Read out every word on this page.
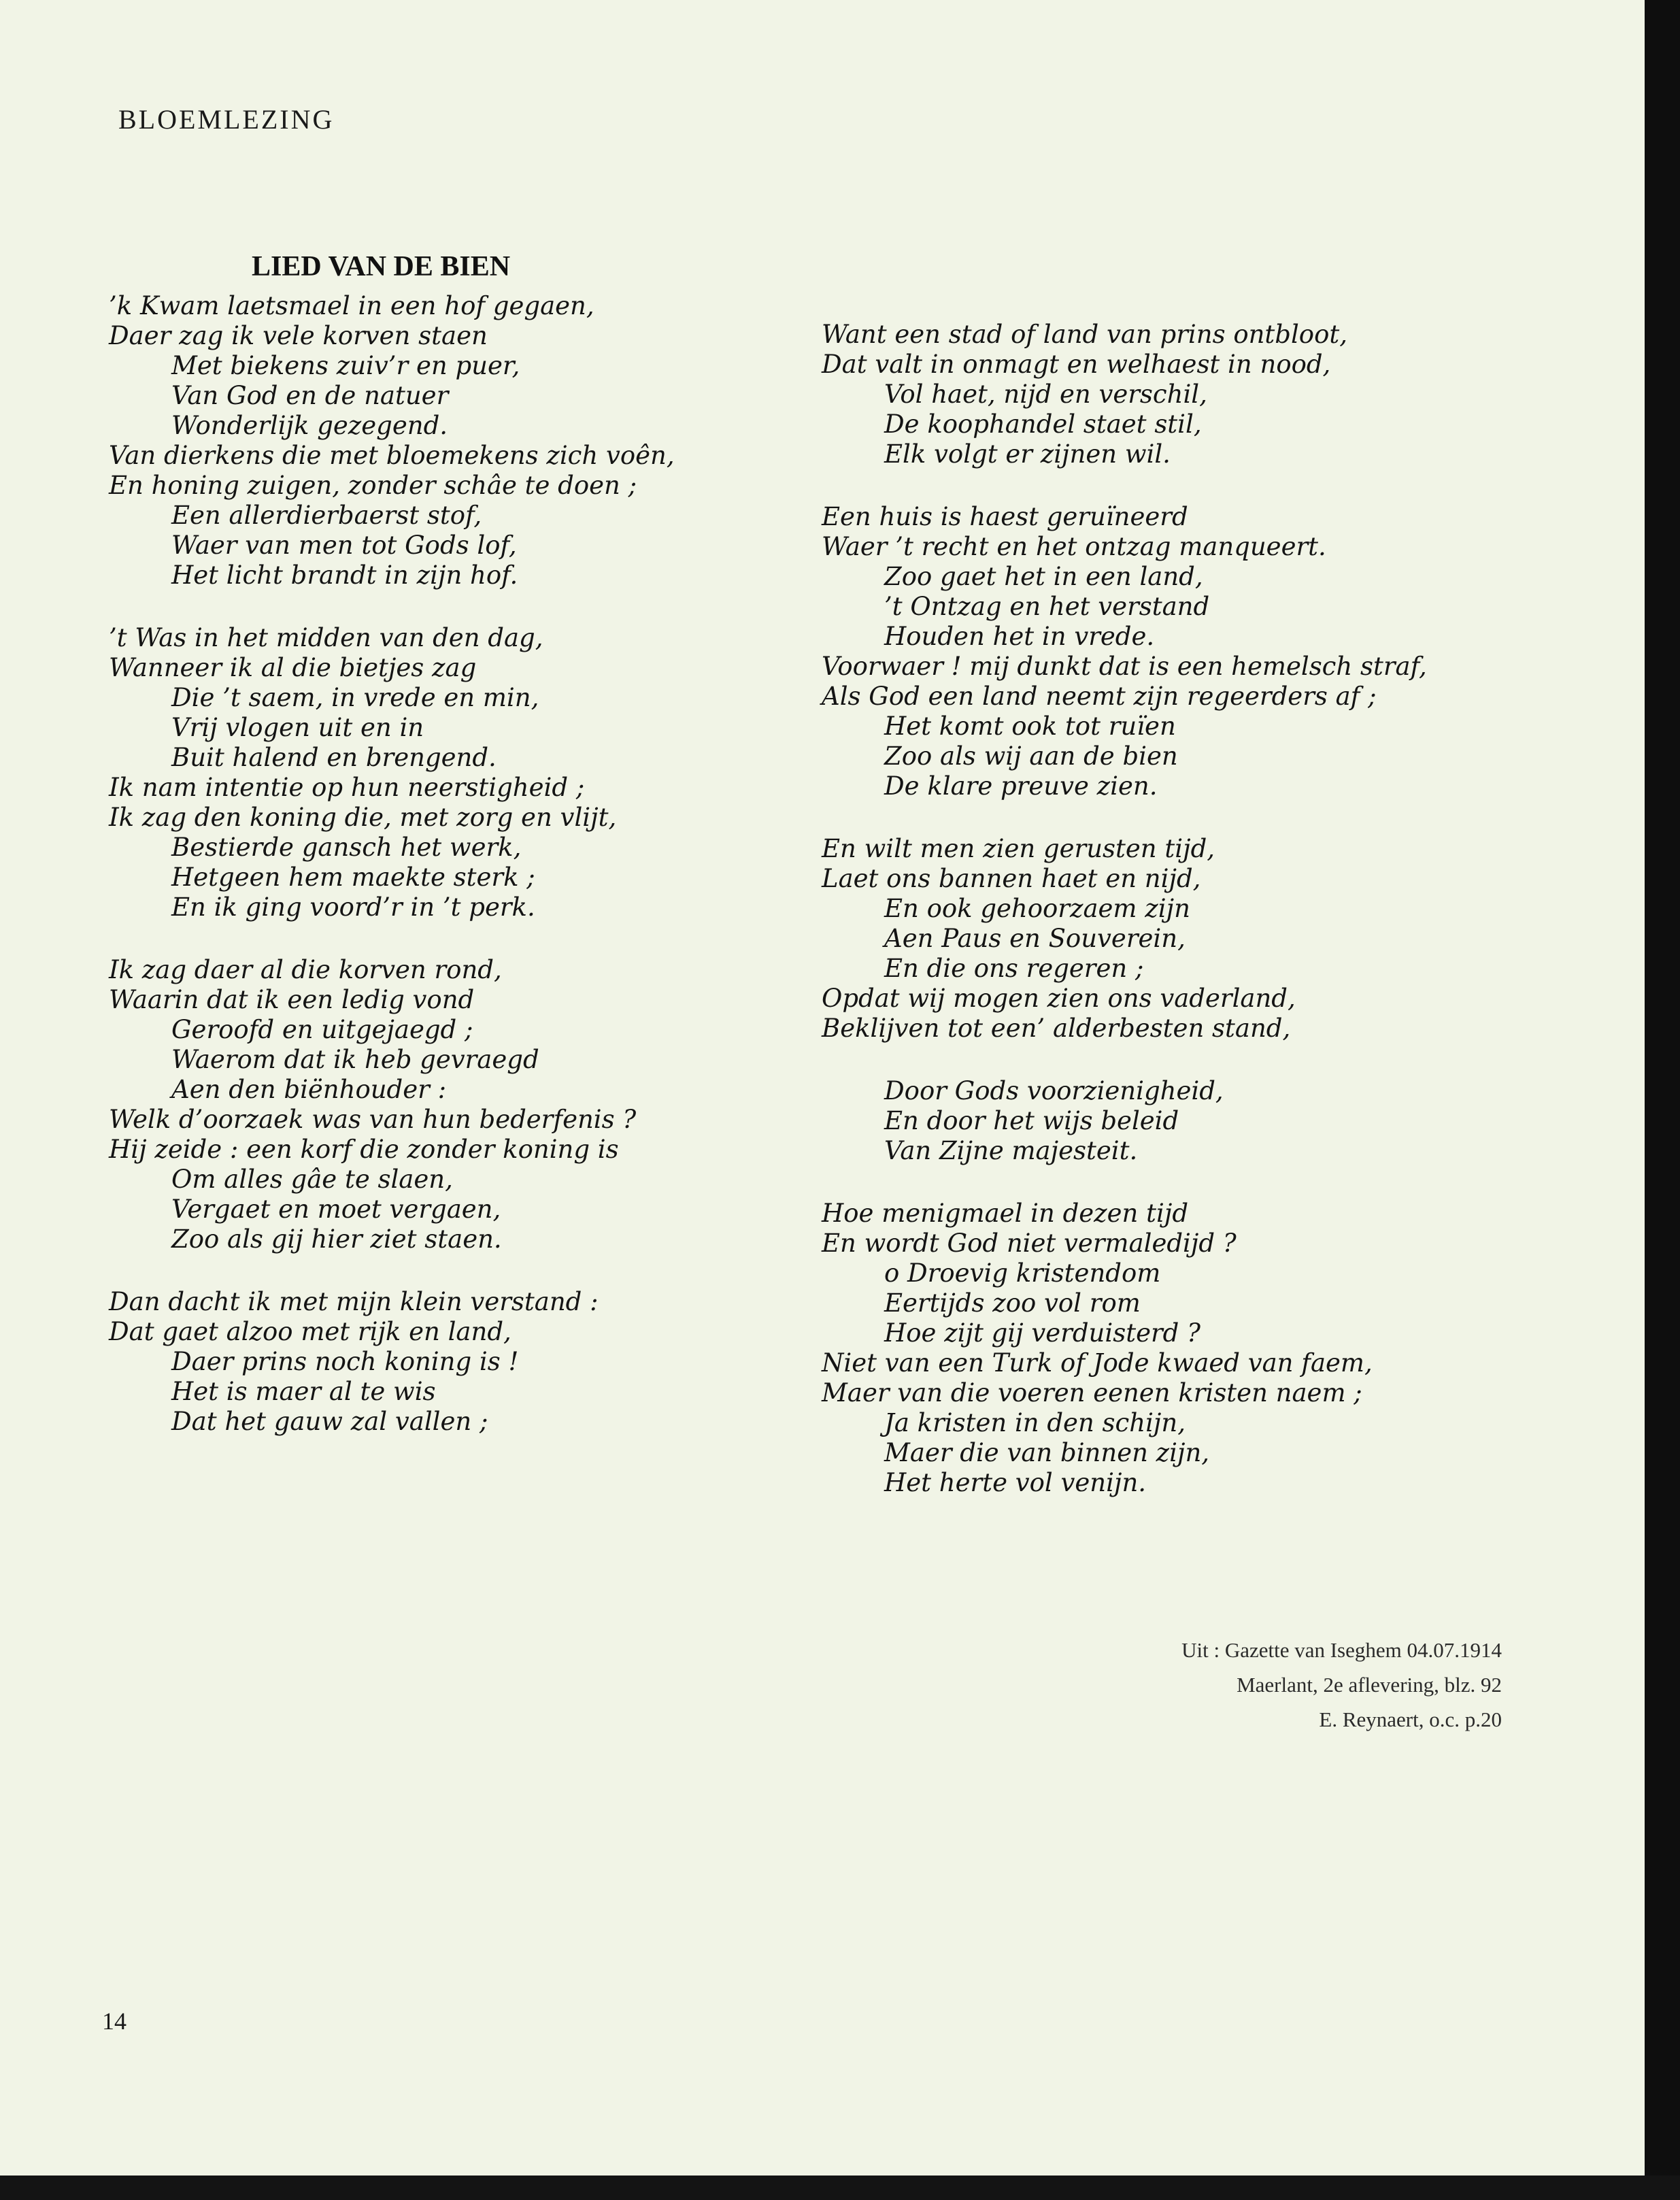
BLOEMLEZING
LIED VAN DE BIEN

’k Kwam laetsmael in een hof gegaen,
Daer zag ik vele korven staen
Met biekens zuiv’r en puer,
Van God en de natuer
Wonderlijk gezegend.
Van dierkens die met bloemekens zich voên,
En honing zuigen, zonder schâe te doen ;
Een allerdierbaerst stof,
Waer van men tot Gods lof,
Het licht brandt in zijn hof.

’t Was in het midden van den dag,
Wanneer ik al die bietjes zag
Die ’t saem, in vrede en min,
Vrij vlogen uit en in
Buit halend en brengend.
Ik nam intentie op hun neerstigheid ;
Ik zag den koning die, met zorg en vlijt,
Bestierde gansch het werk,
Hetgeen hem maekte sterk ;
En ik ging voord’r in ’t perk.

Ik zag daer al die korven rond,
Waarin dat ik een ledig vond
Geroofd en uitgejaegd ;
Waerom dat ik heb gevraegd
Aen den biënhouder :
Welk d’oorzaek was van hun bederfenis ?
Hij zeide : een korf die zonder koning is
Om alles gâe te slaen,
Vergaet en moet vergaen,
Zoo als gij hier ziet staen.

Dan dacht ik met mijn klein verstand :
Dat gaet alzoo met rijk en land,
Daer prins noch koning is !
Het is maer al te wis
Dat het gauw zal vallen ;

Want een stad of land van prins ontbloot,
Dat valt in onmagt en welhaest in nood,
Vol haet, nijd en verschil,
De koophandel staet stil,
Elk volgt er zijnen wil.

Een huis is haest geruïneerd
Waer ’t recht en het ontzag manqueert.
Zoo gaet het in een land,
’t Ontzag en het verstand
Houden het in vrede.
Voorwaer ! mij dunkt dat is een hemelsch straf,
Als God een land neemt zijn regeerders af ;
Het komt ook tot ruïen
Zoo als wij aan de bien
De klare preuve zien.

En wilt men zien gerusten tijd,
Laet ons bannen haet en nijd,
En ook gehoorzaem zijn
Aen Paus en Souverein,
En die ons regeren ;
Opdat wij mogen zien ons vaderland,
Beklijven tot een’ alderbesten stand,

Door Gods voorzienigheid,
En door het wijs beleid
Van Zijne majesteit.

Hoe menigmael in dezen tijd
En wordt God niet vermaledijd ?
o Droevig kristendom
Eertijds zoo vol rom
Hoe zijt gij verduisterd ?
Niet van een Turk of Jode kwaed van faem,
Maer van die voeren eenen kristen naem ;
Ja kristen in den schijn,
Maer die van binnen zijn,
Het herte vol venijn.

Uit : Gazette van Iseghem 04.07.1914
Maerlant, 2e aflevering, blz. 92
E. Reynaert, o.c. p.20
14
